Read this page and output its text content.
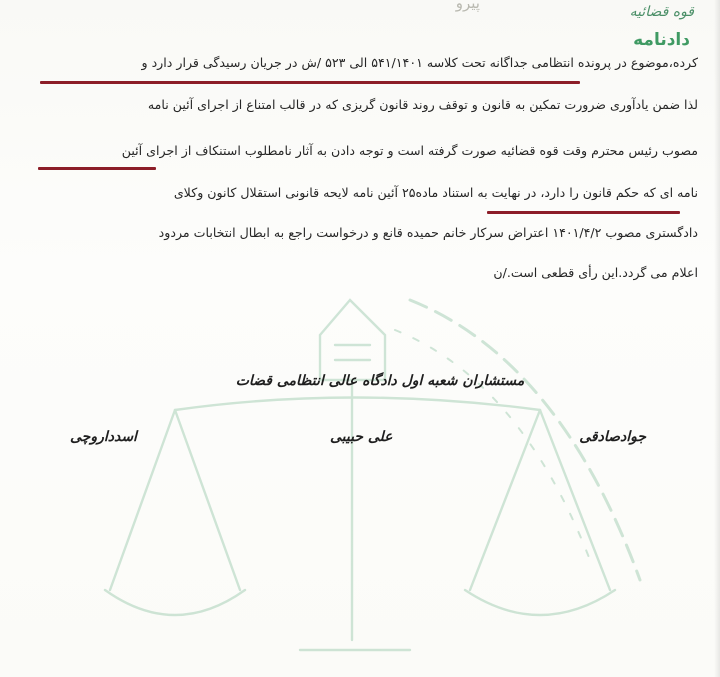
پیرو	قوه قضائیه
دادنامه
کرده،موضوع در پرونده انتظامی جداگانه تحت کلاسه ۵۴۱/۱۴۰۱ الی ۵۲۳ /ش در جریان رسیدگی قرار دارد و
لذا ضمن یادآوری ضرورت تمکین به قانون و توقف روند قانون گریزی که در قالب امتناع از اجرای آئین نامه
مصوب رئیس محترم وقت قوه قضائیه صورت گرفته است و توجه دادن به آثار نامطلوب استنکاف از اجرای آئین
نامه ای که حکم قانون را دارد، در نهایت به استناد ماده۲۵ آئین نامه لایحه قانونی استقلال کانون وکلای
دادگستری مصوب ۱۴۰۱/۴/۲ اعتراض سرکار خانم حمیده قانع و درخواست راجع به ابطال انتخابات مردود
اعلام می گردد.این رأی قطعی است./ن
مستشاران شعبه اول دادگاه عالی انتظامی قضات
جوادصادقی
علی حبیبی
اسدداروچی
